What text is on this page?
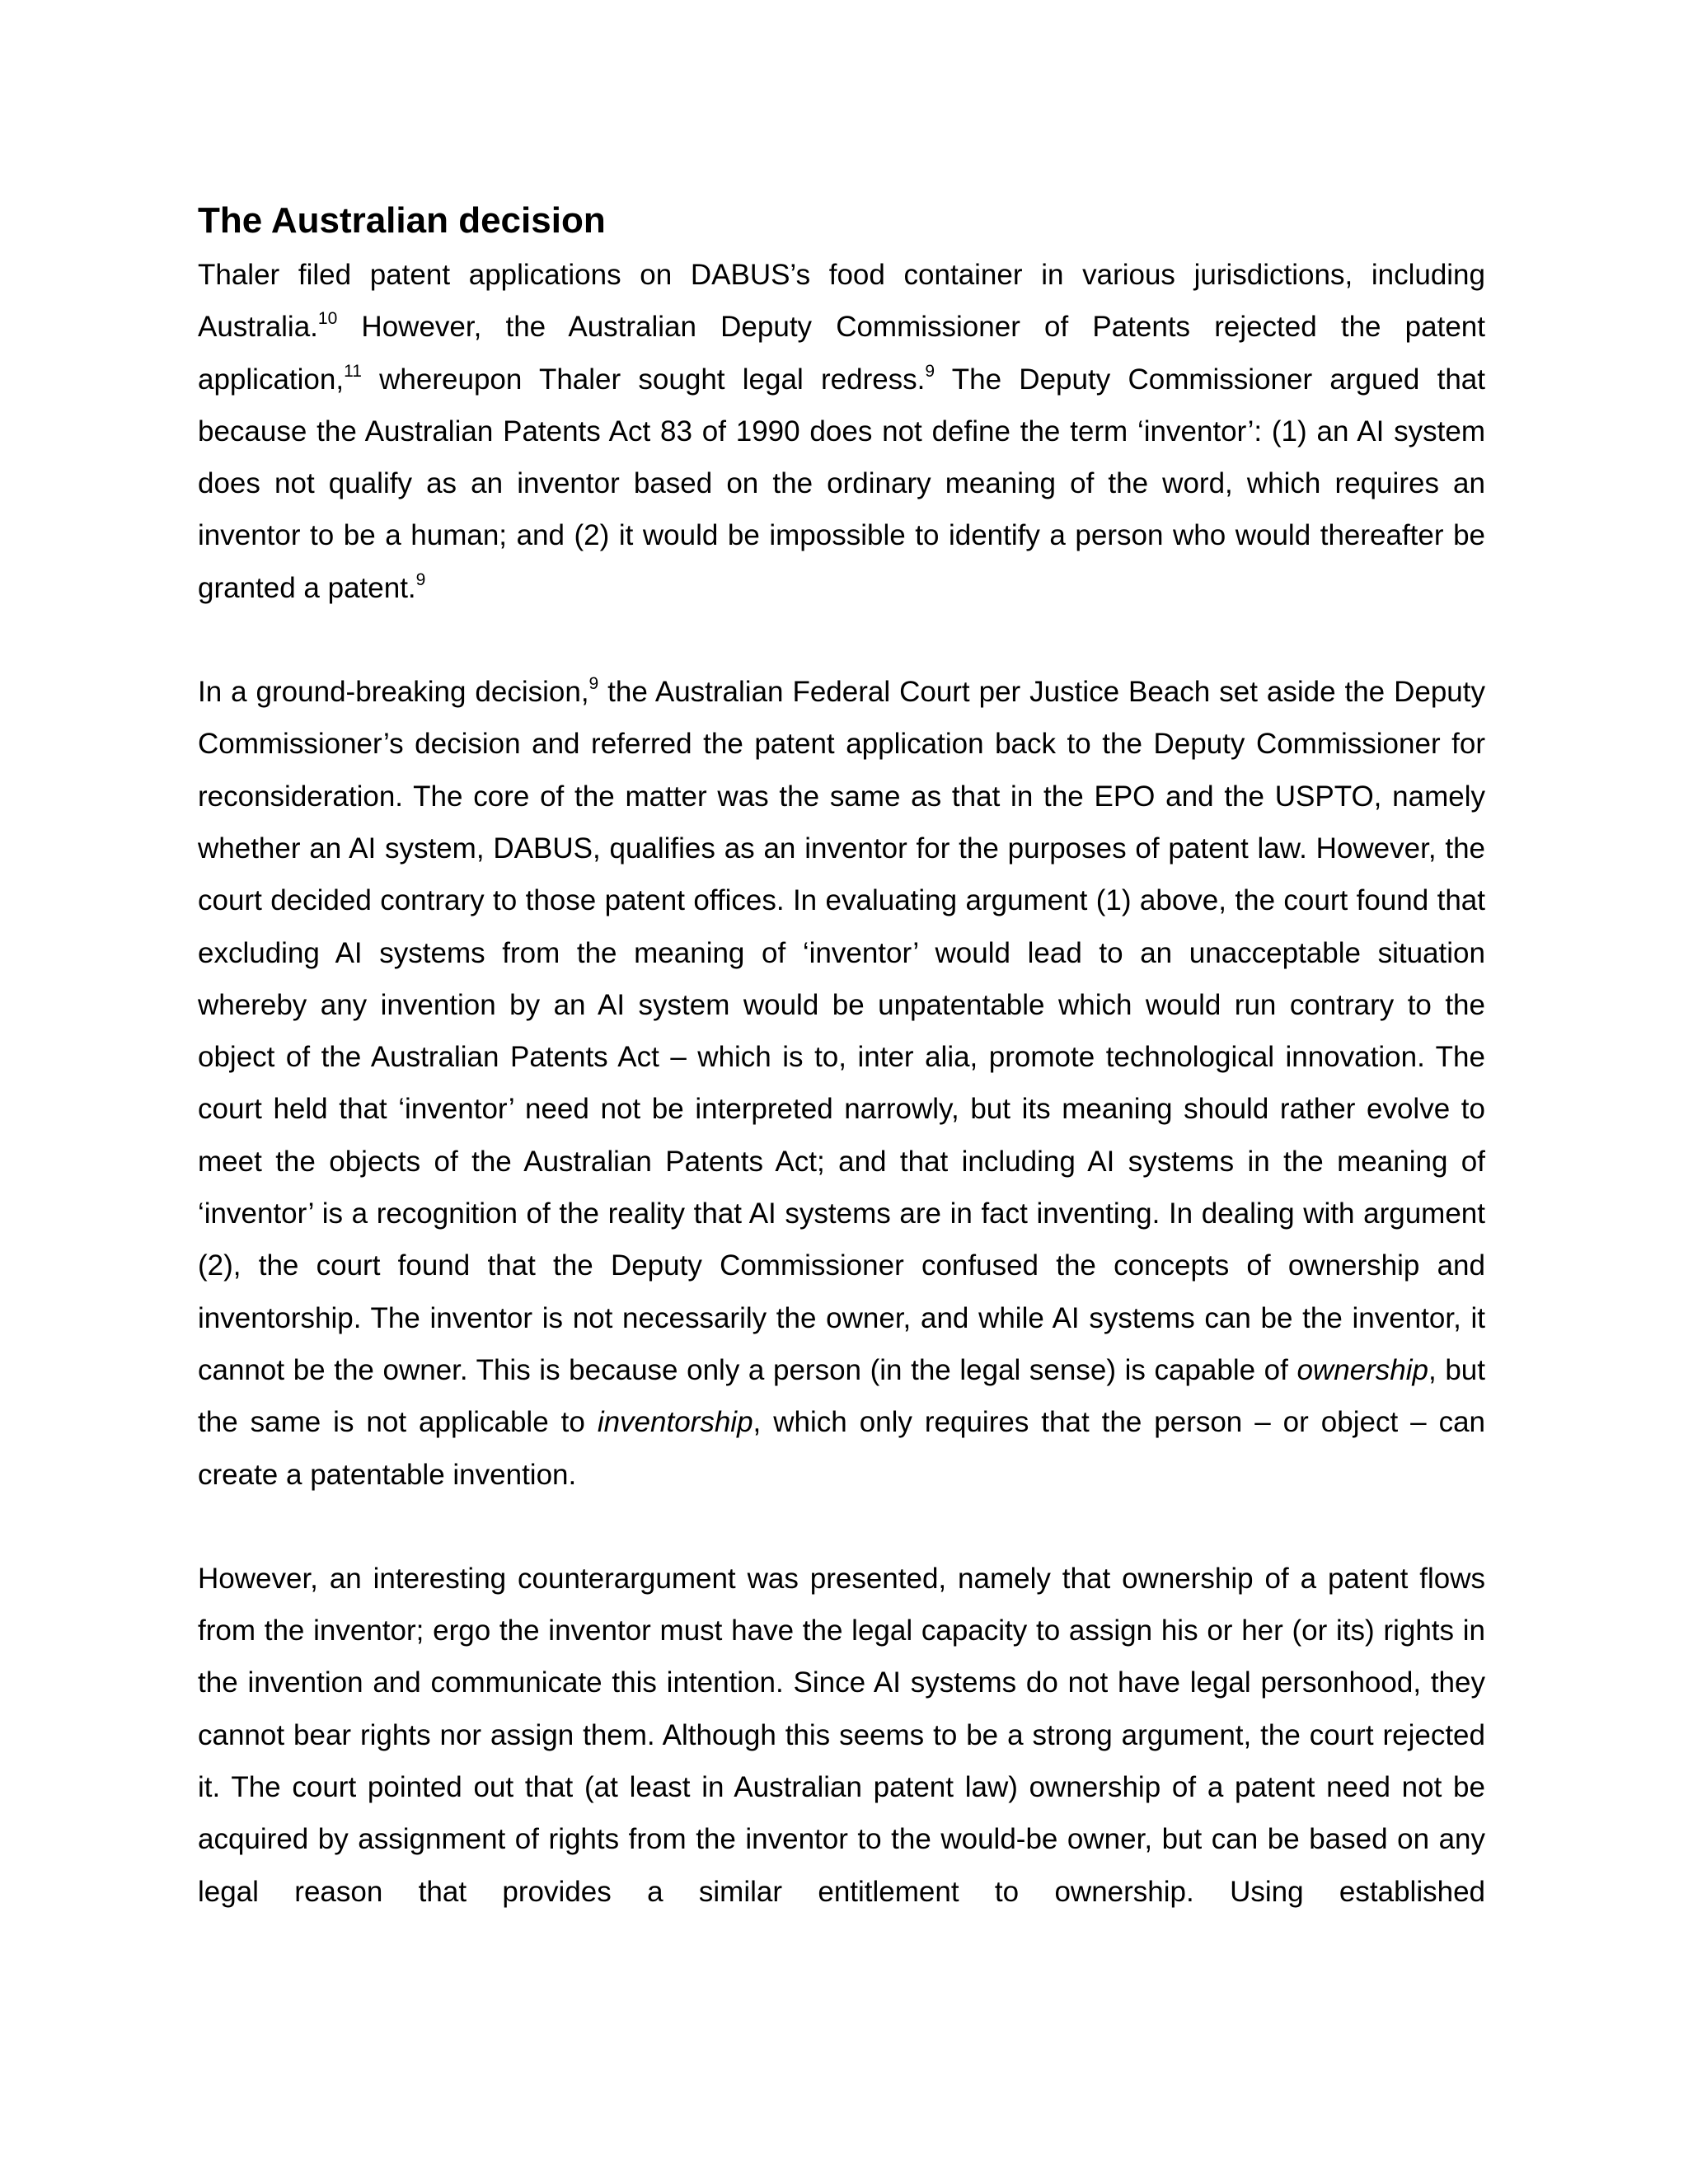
The Australian decision

Thaler filed patent applications on DABUS’s food container in various jurisdictions, including Australia.$^{10}$ However, the Australian Deputy Commissioner of Patents rejected the patent application,$^{11}$ whereupon Thaler sought legal redress.$^9$ The Deputy Commissioner argued that because the Australian Patents Act 83 of 1990 does not define the term ‘inventor’: (1) an AI system does not qualify as an inventor based on the ordinary meaning of the word, which requires an inventor to be a human; and (2) it would be impossible to identify a person who would thereafter be granted a patent.$^9$

In a ground-breaking decision,$^9$ the Australian Federal Court per Justice Beach set aside the Deputy Commissioner’s decision and referred the patent application back to the Deputy Commissioner for reconsideration. The core of the matter was the same as that in the EPO and the USPTO, namely whether an AI system, DABUS, qualifies as an inventor for the purposes of patent law. However, the court decided contrary to those patent offices. In evaluating argument (1) above, the court found that excluding AI systems from the meaning of ‘inventor’ would lead to an unacceptable situation whereby any invention by an AI system would be unpatentable which would run contrary to the object of the Australian Patents Act – which is to, inter alia, promote technological innovation. The court held that ‘inventor’ need not be interpreted narrowly, but its meaning should rather evolve to meet the objects of the Australian Patents Act; and that including AI systems in the meaning of ‘inventor’ is a recognition of the reality that AI systems are in fact inventing. In dealing with argument (2), the court found that the Deputy Commissioner confused the concepts of ownership and inventorship. The inventor is not necessarily the owner, and while AI systems can be the inventor, it cannot be the owner. This is because only a person (in the legal sense) is capable of ownership, but the same is not applicable to inventorship, which only requires that the person – or object – can create a patentable invention.

However, an interesting counterargument was presented, namely that ownership of a patent flows from the inventor; ergo the inventor must have the legal capacity to assign his or her (or its) rights in the invention and communicate this intention. Since AI systems do not have legal personhood, they cannot bear rights nor assign them. Although this seems to be a strong argument, the court rejected it. The court pointed out that (at least in Australian patent law) ownership of a patent need not be acquired by assignment of rights from the inventor to the would-be owner, but can be based on any legal reason that provides a similar entitlement to ownership. Using established
